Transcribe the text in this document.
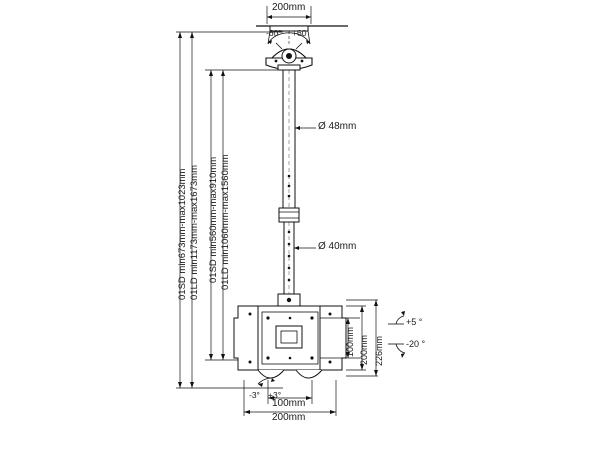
200mm
-60° +60
Ø 48mm
Ø 40mm
01SD min673mm-max1023mm 01LD min1173mm-max1673mm 01SD min560mm-max910mm 01LD min1060mm-max1560mm
100mm 200mm 226mm
+5 °
-20 °
-3° +3°
100mm
200mm
